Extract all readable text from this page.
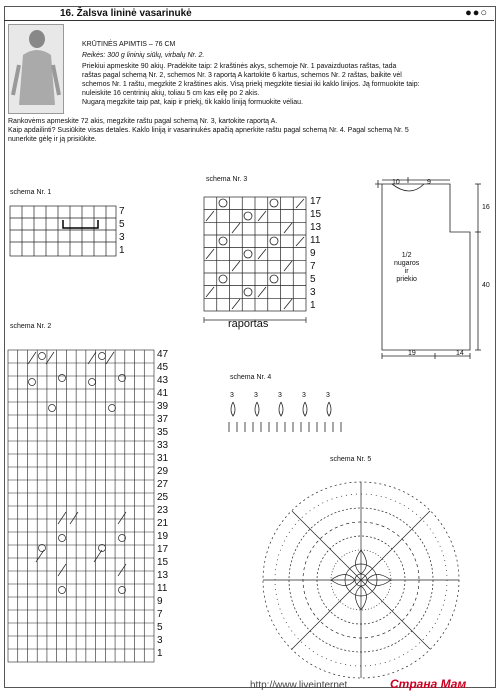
16. Žalsva lininė vasarinukė	●●○
KRŪTINĖS APIMTIS – 76 CM
Reikės: 300 g lininių siūlų, virbalų Nr. 2.
Priekiui apmeskite 90 akių. Pradėkite taip: 2 kraštinės akys, schemoje Nr. 1 pavaizduotas raštas, tada
raštas pagal schemą Nr. 2, schemos Nr. 3 raportą A kartokite 6 kartus, schemos Nr. 2 raštas, baikite vėl
schemos Nr. 1 raštu, megzkite 2 kraštines akis. Visą priekį megzkite tiesiai iki kaklo linijos. Ją formuokite taip:
nuleiskite 16 centrinių akių, toliau 5 cm kas eilę po 2 akis.
Nugarą megzkite taip pat, kaip ir priekį, tik kaklo liniją formuokite vėliau.
Rankovėms apmeskite 72 akis, megzkite raštu pagal schemą Nr. 3, kartokite raportą A.
Kaip apdailinti? Susiūkite visas detales. Kaklo liniją ir vasarinukės apačią apnerkite raštu pagal schemą Nr. 4. Pagal schemą Nr. 5
nunerkite gėlę ir ją prisiūkite.
schema Nr. 1
7
5
3
1
schema Nr. 3
17
15
13
11
9
7
5
3
1
raportas
10	9
16
40
1/2
nugaros
ir
priekio
19	14
schema Nr. 2
47
45
43
41
39
37
35
33
31
29
27
25
23
21
19
17
15
13
11
9
7
5
3
1
schema Nr. 4
3	3	3	3	3
schema Nr. 5
http://www.liveinternet.	Страна Мам
